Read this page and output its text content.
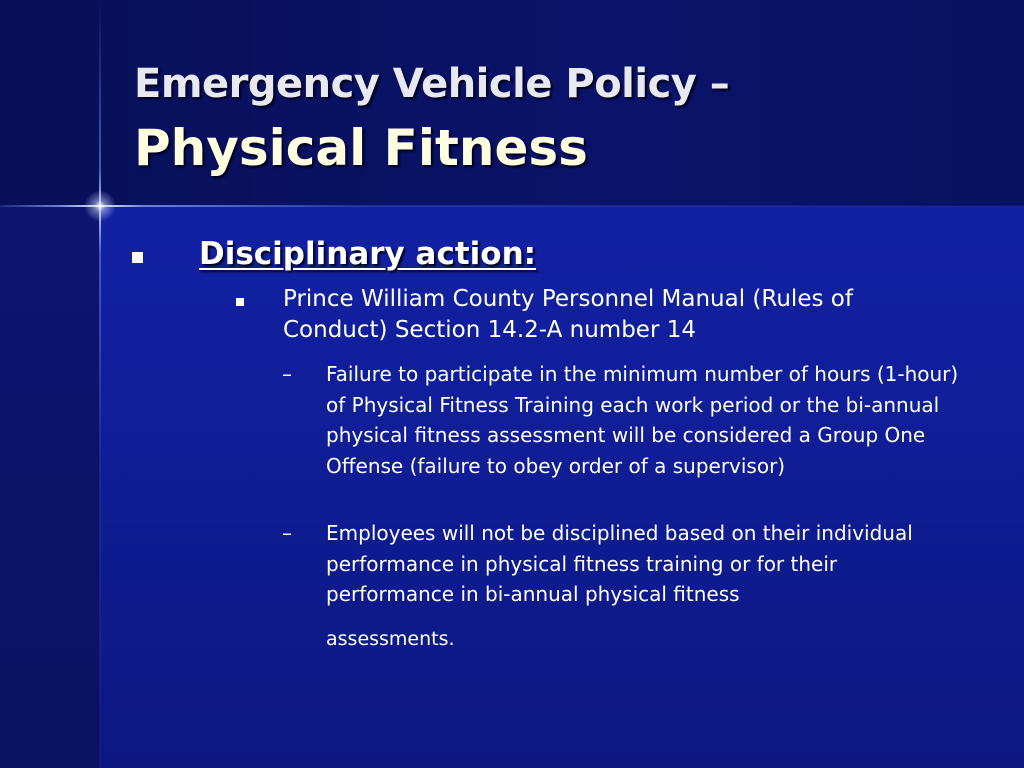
Emergency Vehicle Policy –
Physical Fitness
Disciplinary action:
Prince William County Personnel Manual (Rules of Conduct) Section 14.2-A number 14
–	Failure to participate in the minimum number of hours (1-hour) of Physical Fitness Training each work period or the bi-annual physical fitness assessment will be considered a Group One Offense (failure to obey order of a supervisor)
–	Employees will not be disciplined based on their individual performance in physical fitness training or for their performance in bi-annual physical fitness
assessments.
